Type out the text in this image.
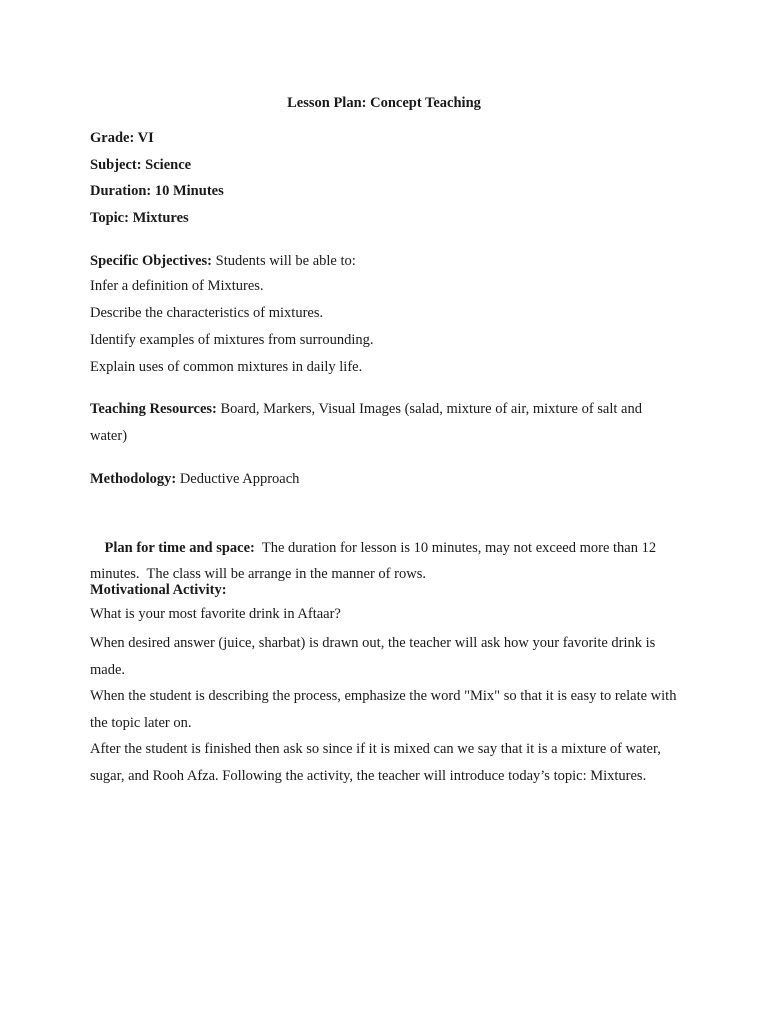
Lesson Plan: Concept Teaching
Grade: VI
Subject: Science
Duration: 10 Minutes
Topic: Mixtures
Specific Objectives: Students will be able to:
Infer a definition of Mixtures.
Describe the characteristics of mixtures.
Identify examples of mixtures from surrounding.
Explain uses of common mixtures in daily life.
Teaching Resources: Board, Markers, Visual Images (salad, mixture of air, mixture of salt and water)
Methodology: Deductive Approach

Plan for time and space:  The duration for lesson is 10 minutes, may not exceed more than 12 minutes.  The class will be arrange in the manner of rows.

Motivational Activity:
What is your most favorite drink in Aftaar?
When desired answer (juice, sharbat) is drawn out, the teacher will ask how your favorite drink is made.
When the student is describing the process, emphasize the word "Mix" so that it is easy to relate with the topic later on.
After the student is finished then ask so since if it is mixed can we say that it is a mixture of water, sugar, and Rooh Afza. Following the activity, the teacher will introduce today’s topic: Mixtures.
